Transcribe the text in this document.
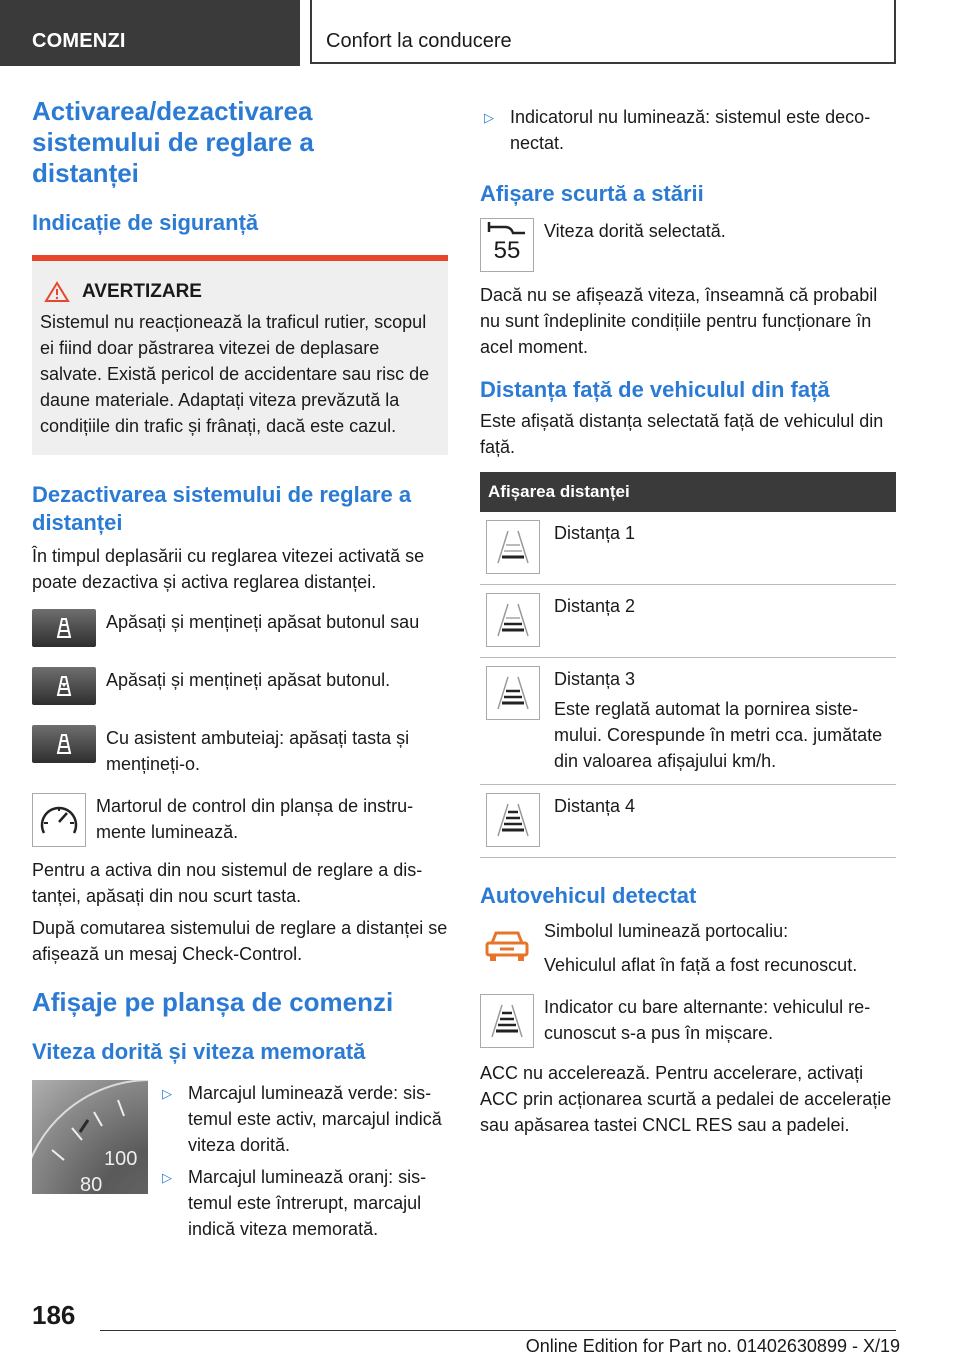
COMENZI	Confort la conducere
Activarea/dezactivarea sistemului de reglare a distanței
Indicație de siguranță
AVERTIZARE

Sistemul nu reacționează la traficul rutier, scopul ei fiind doar păstrarea vitezei de deplasare salvate. Există pericol de accidentare sau risc de daune materiale. Adaptați viteza prevăzută la condițiile din trafic și frânați, dacă este cazul.

Dezactivarea sistemului de reglare a distanței

În timpul deplasării cu reglarea vitezei activată se poate dezactiva și activa reglarea distanței.

Apăsați și mențineți apăsat butonul sau
Apăsați și mențineți apăsat butonul.
Cu asistent ambuteiaj: apăsați tasta și mențineți-o.
Martorul de control din planșa de instrumente luminează.

Pentru a activa din nou sistemul de reglare a distanței, apăsați din nou scurt tasta.

După comutarea sistemului de reglare a distanței se afișează un mesaj Check-Control.

Afișaje pe planșa de comenzi
Viteza dorită și viteza memorată
100
80
▷ Marcajul luminează verde: sistemul este activ, marcajul indică viteza dorită.
▷ Marcajul luminează oranj: sistemul este întrerupt, marcajul indică viteza memorată.
▷ Indicatorul nu luminează: sistemul este deconectat.
Afișare scurtă a stării
55
Viteza dorită selectată.

Dacă nu se afișează viteza, înseamnă că probabil nu sunt îndeplinite condițiile pentru funcționare în acel moment.

Distanța față de vehiculul din față

Este afișată distanța selectată față de vehiculul din față.

Afișarea distanței
Distanța 1
Distanța 2
Distanța 3
Este reglată automat la pornirea sistemului. Corespunde în metri cca. jumătate din valoarea afișajului km/h.
Distanța 4
Autovehicul detectat
Simbolul luminează portocaliu:
Vehiculul aflat în față a fost recunoscut.
Indicator cu bare alternante: vehiculul recunoscut s-a pus în mișcare.

ACC nu accelerează. Pentru accelerare, activați ACC prin acționarea scurtă a pedalei de accelerație sau apăsarea tastei CNCL RES sau a padelei.

186
Online Edition for Part no. 01402630899 - X/19
